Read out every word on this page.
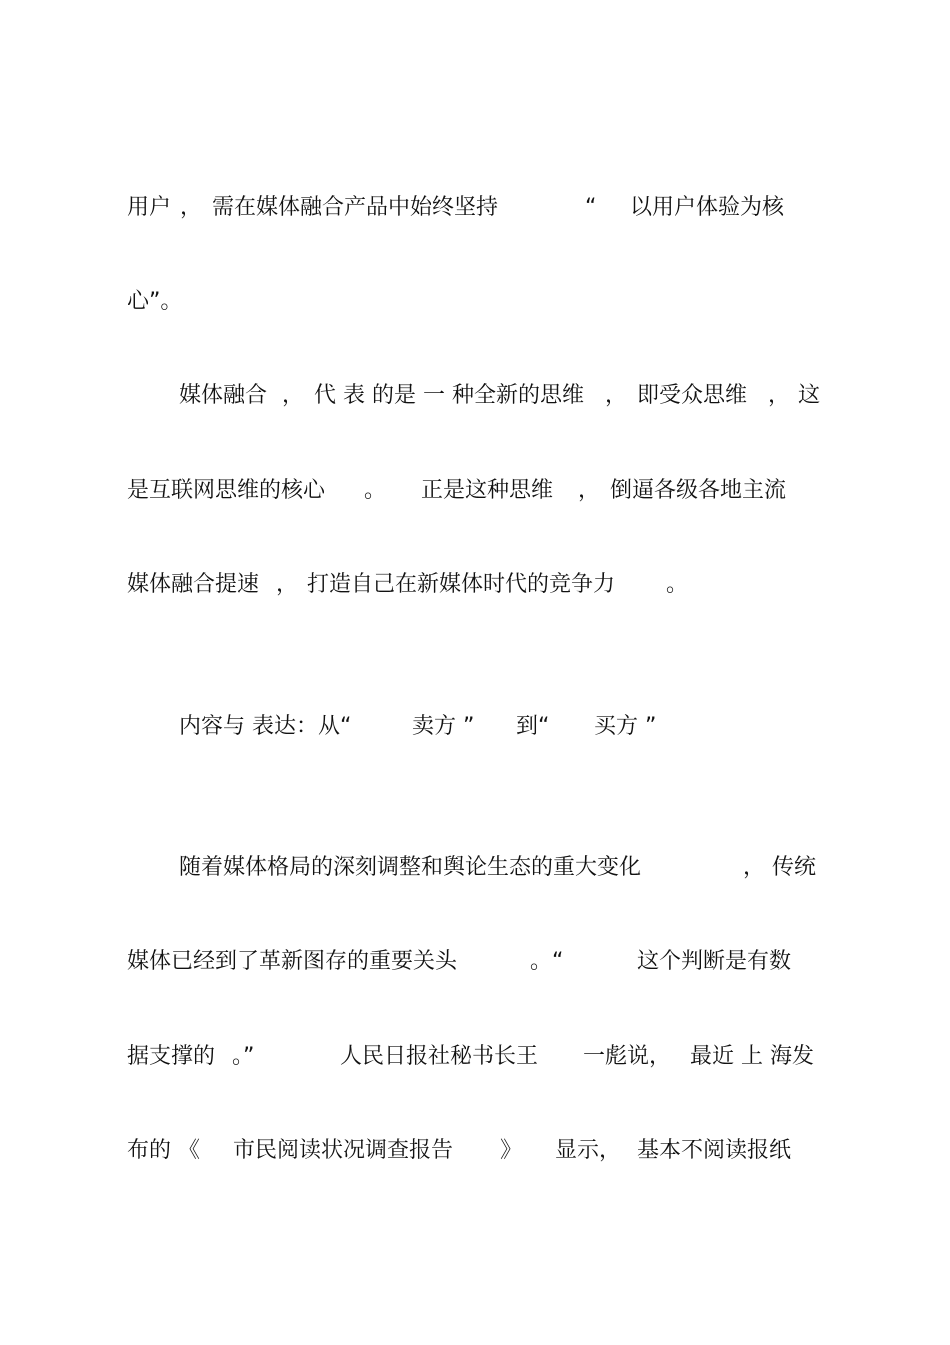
用户 ， 需在媒体融合产品中始终坚持	“ 以用户体验为核
心”。
媒体融合 ， 代 表 的是 一 种全新的思维 ， 即受众思维 ， 这
是互联网思维的核心 。 正是这种思维 ， 倒逼各级各地主流
媒体融合提速 ， 打造自己在新媒体时代的竞争力 。
内容与 表达：从“	卖方 ” 到“ 买方 ”
随着媒体格局的深刻调整和舆论生态的重大变化	， 传统
媒体已经到了革新图存的重要关头	。“	这个判断是有数
据支撑的 。”	人民日报社秘书长王 一彪说， 最近 上 海发
布的 《 市民阅读状况调查报告 》 显示， 基本不阅读报纸
